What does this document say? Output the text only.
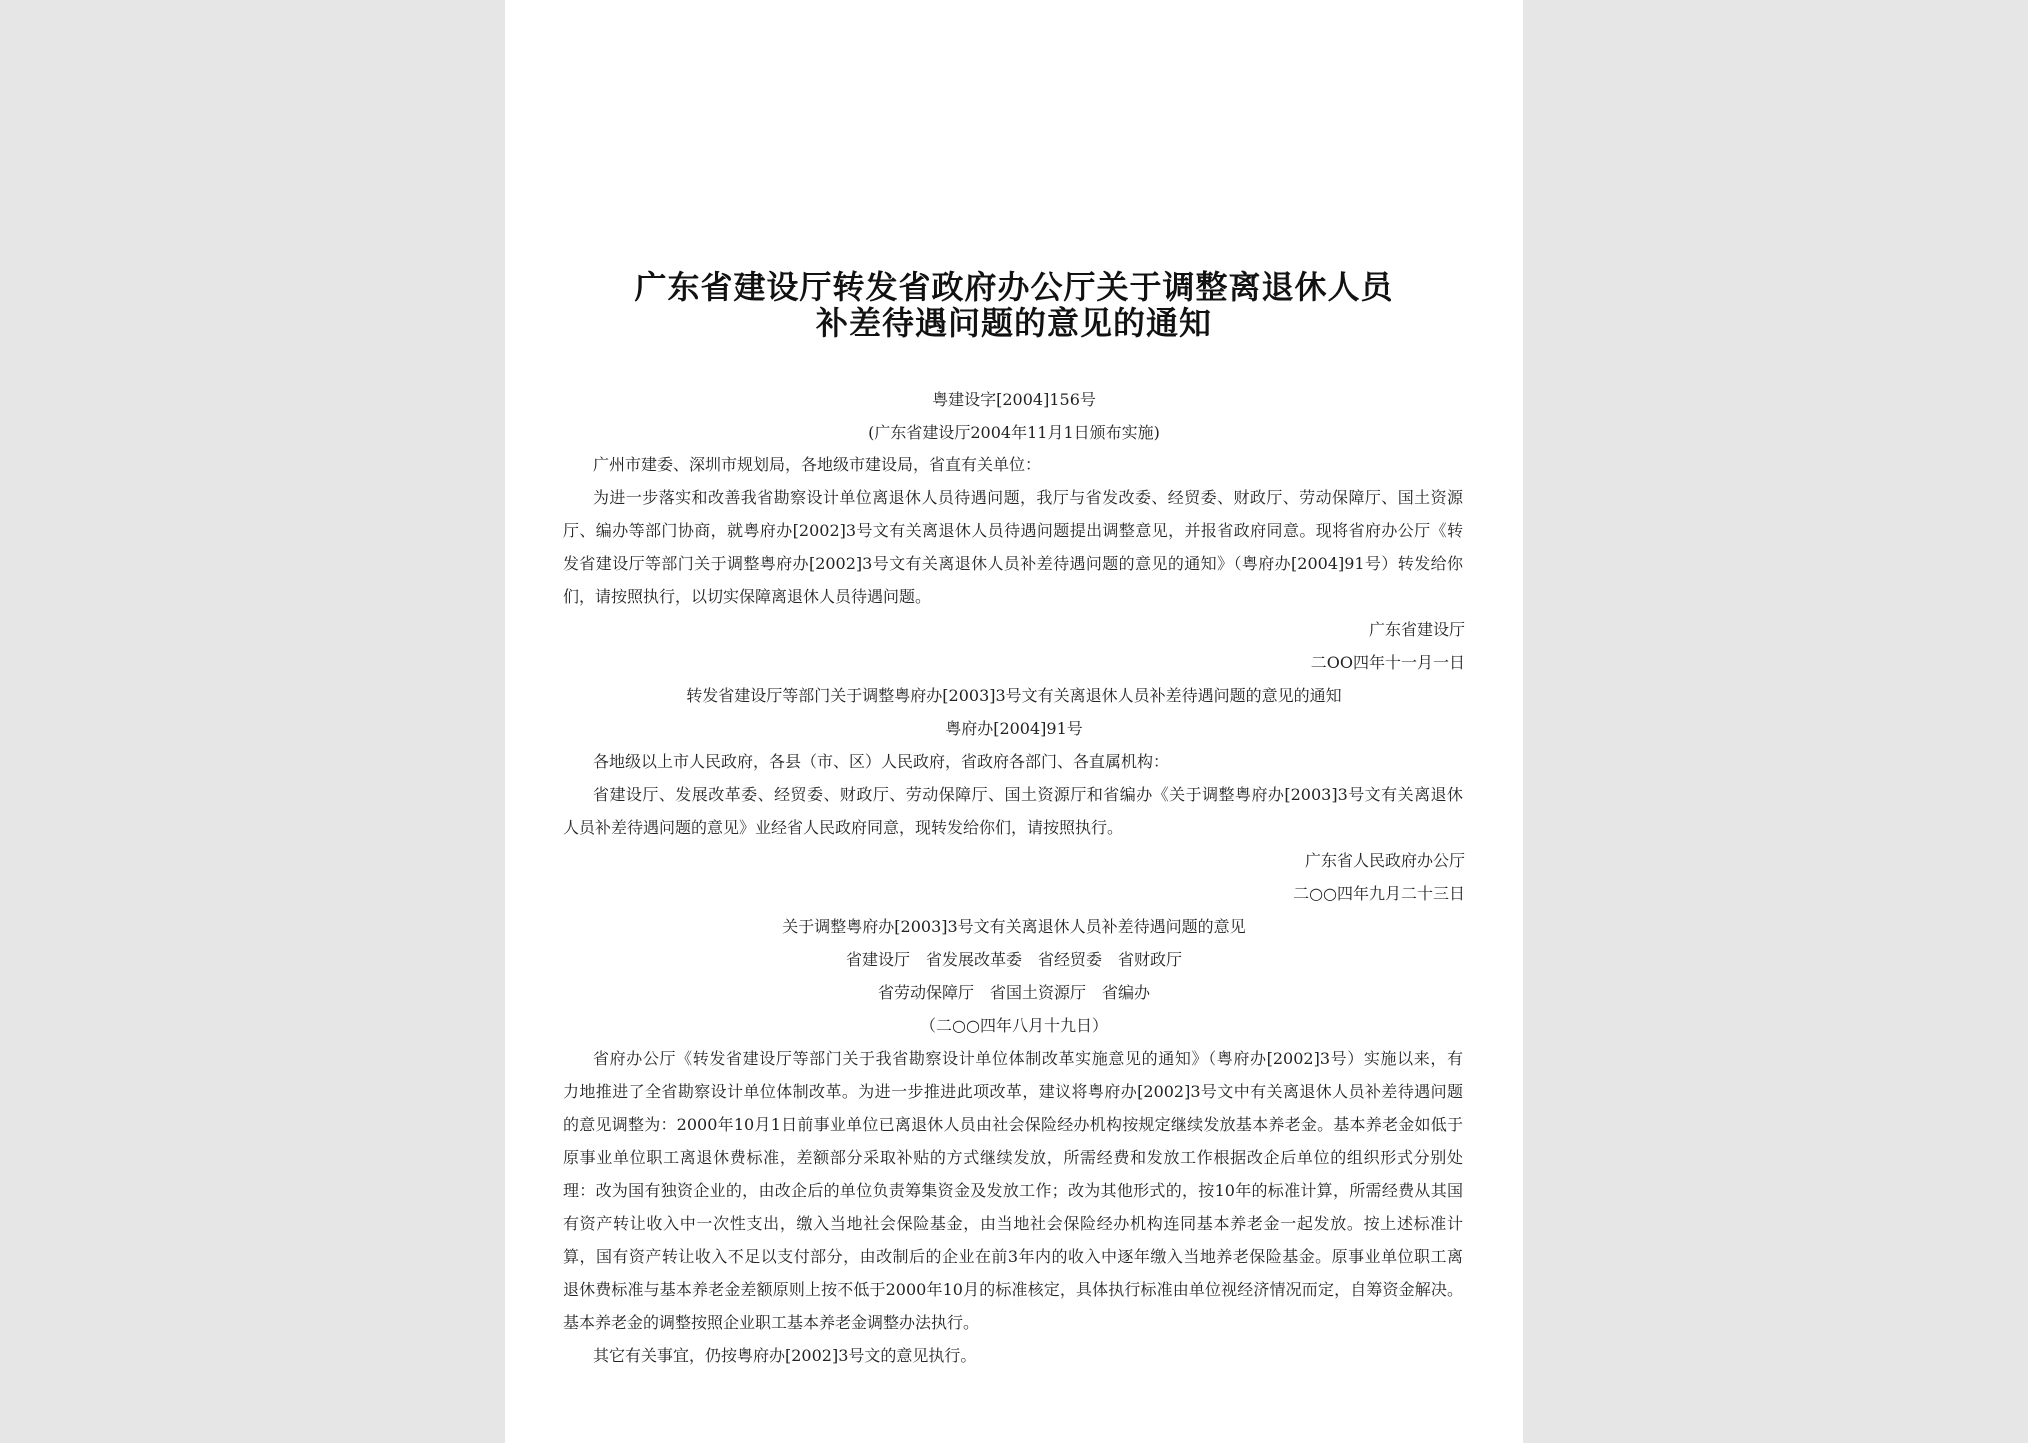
广东省建设厅转发省政府办公厅关于调整离退休人员
补差待遇问题的意见的通知
粤建设字[2004]156号
(广东省建设厅2004年11月1日颁布实施)
广州市建委、深圳市规划局，各地级市建设局，省直有关单位：
为进一步落实和改善我省勘察设计单位离退休人员待遇问题，我厅与省发改委、经贸委、财政厅、劳动保障厅、国土资源
厅、编办等部门协商，就粤府办[2002]3号文有关离退休人员待遇问题提出调整意见，并报省政府同意。现将省府办公厅《转
发省建设厅等部门关于调整粤府办[2002]3号文有关离退休人员补差待遇问题的意见的通知》（粤府办[2004]91号）转发给你
们，请按照执行，以切实保障离退休人员待遇问题。
广东省建设厅
二OO四年十一月一日
转发省建设厅等部门关于调整粤府办[2003]3号文有关离退休人员补差待遇问题的意见的通知
粤府办[2004]91号
各地级以上市人民政府，各县（市、区）人民政府，省政府各部门、各直属机构：
省建设厅、发展改革委、经贸委、财政厅、劳动保障厅、国土资源厅和省编办《关于调整粤府办[2003]3号文有关离退休
人员补差待遇问题的意见》业经省人民政府同意，现转发给你们，请按照执行。
广东省人民政府办公厅
二○○四年九月二十三日
关于调整粤府办[2003]3号文有关离退休人员补差待遇问题的意见
省建设厅　省发展改革委　省经贸委　省财政厅
省劳动保障厅　省国土资源厅　省编办
（二○○四年八月十九日）
省府办公厅《转发省建设厅等部门关于我省勘察设计单位体制改革实施意见的通知》（粤府办[2002]3号）实施以来，有
力地推进了全省勘察设计单位体制改革。为进一步推进此项改革，建议将粤府办[2002]3号文中有关离退休人员补差待遇问题
的意见调整为：2000年10月1日前事业单位已离退休人员由社会保险经办机构按规定继续发放基本养老金。基本养老金如低于
原事业单位职工离退休费标准，差额部分采取补贴的方式继续发放，所需经费和发放工作根据改企后单位的组织形式分别处
理：改为国有独资企业的，由改企后的单位负责筹集资金及发放工作；改为其他形式的，按10年的标准计算，所需经费从其国
有资产转让收入中一次性支出，缴入当地社会保险基金，由当地社会保险经办机构连同基本养老金一起发放。按上述标准计
算，国有资产转让收入不足以支付部分，由改制后的企业在前3年内的收入中逐年缴入当地养老保险基金。原事业单位职工离
退休费标准与基本养老金差额原则上按不低于2000年10月的标准核定，具体执行标准由单位视经济情况而定，自筹资金解决。
基本养老金的调整按照企业职工基本养老金调整办法执行。
其它有关事宜，仍按粤府办[2002]3号文的意见执行。
